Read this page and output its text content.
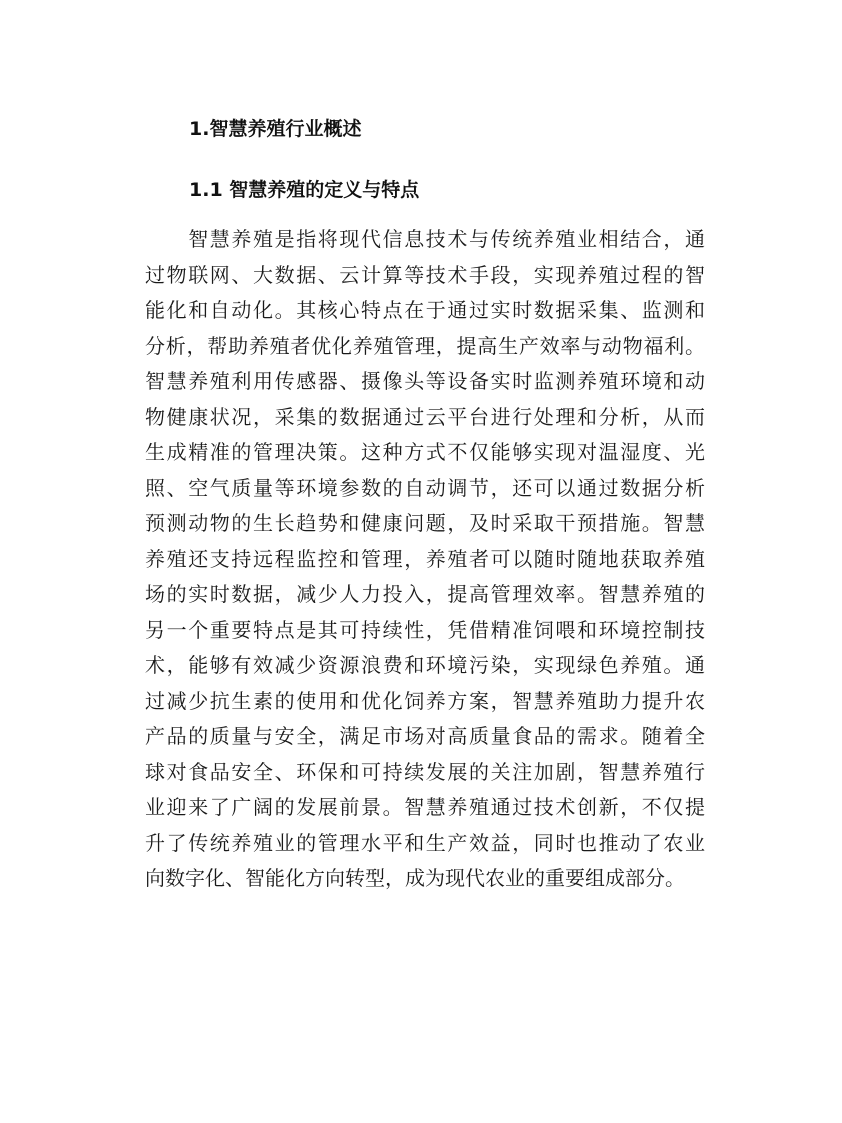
1.智慧养殖行业概述
1.1 智慧养殖的定义与特点
　　智慧养殖是指将现代信息技术与传统养殖业相结合，通
过物联网、大数据、云计算等技术手段，实现养殖过程的智
能化和自动化。其核心特点在于通过实时数据采集、监测和
分析，帮助养殖者优化养殖管理，提高生产效率与动物福利。
智慧养殖利用传感器、摄像头等设备实时监测养殖环境和动
物健康状况，采集的数据通过云平台进行处理和分析，从而
生成精准的管理决策。这种方式不仅能够实现对温湿度、光
照、空气质量等环境参数的自动调节，还可以通过数据分析
预测动物的生长趋势和健康问题，及时采取干预措施。智慧
养殖还支持远程监控和管理，养殖者可以随时随地获取养殖
场的实时数据，减少人力投入，提高管理效率。智慧养殖的
另一个重要特点是其可持续性，凭借精准饲喂和环境控制技
术，能够有效减少资源浪费和环境污染，实现绿色养殖。通
过减少抗生素的使用和优化饲养方案，智慧养殖助力提升农
产品的质量与安全，满足市场对高质量食品的需求。随着全
球对食品安全、环保和可持续发展的关注加剧，智慧养殖行
业迎来了广阔的发展前景。智慧养殖通过技术创新，不仅提
升了传统养殖业的管理水平和生产效益，同时也推动了农业
向数字化、智能化方向转型，成为现代农业的重要组成部分。
